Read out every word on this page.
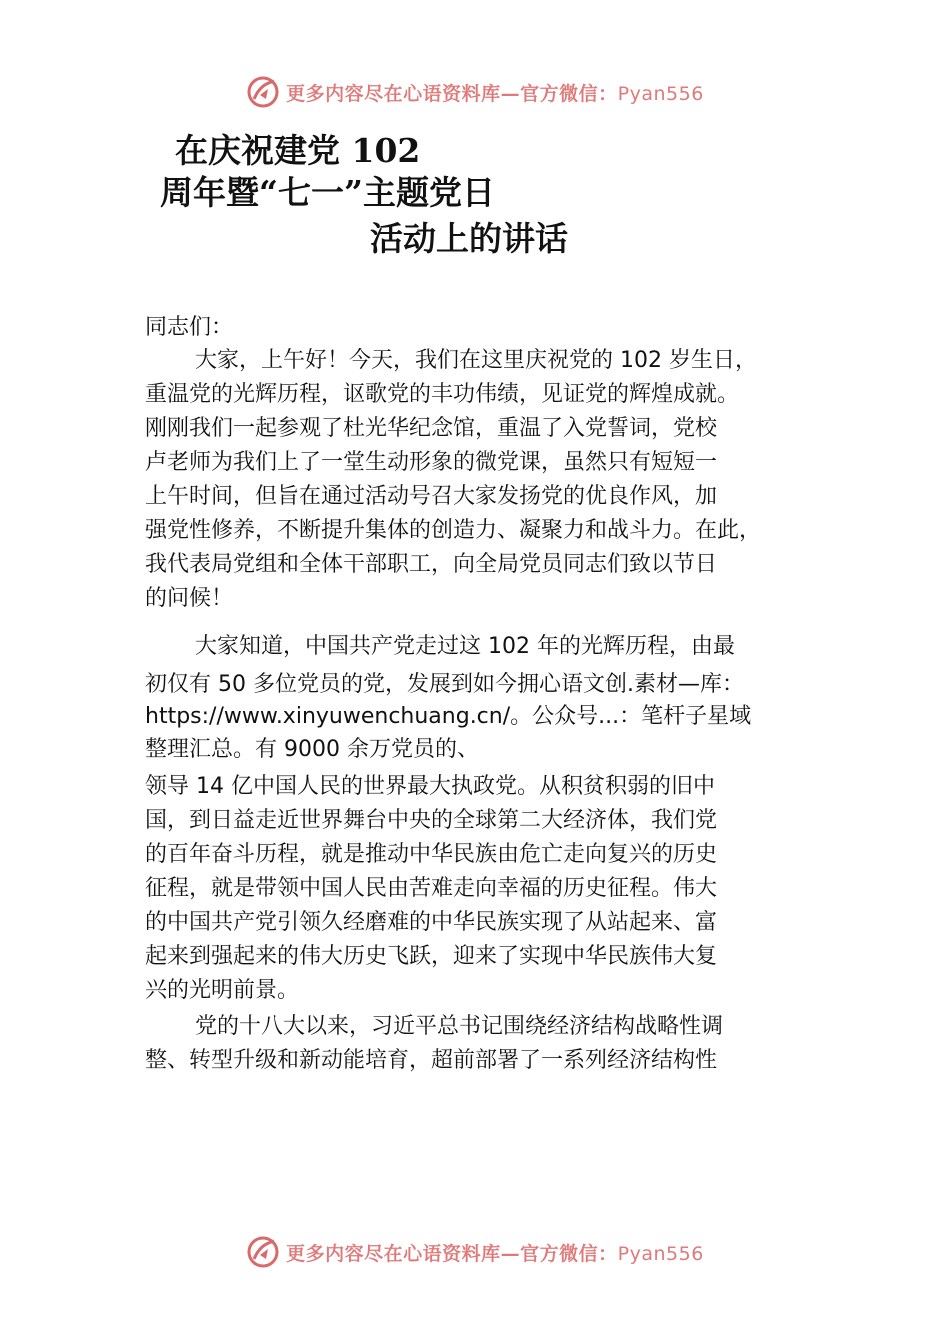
更多内容尽在心语资料库—官方微信：Pyan556
在庆祝建党 102
周年暨“七一”主题党日
活动上的讲话
同志们：
大家，上午好！今天，我们在这里庆祝党的 102 岁生日，
重温党的光辉历程，讴歌党的丰功伟绩，见证党的辉煌成就。
刚刚我们一起参观了杜光华纪念馆，重温了入党誓词，党校
卢老师为我们上了一堂生动形象的微党课，虽然只有短短一
上午时间，但旨在通过活动号召大家发扬党的优良作风，加
强党性修养，不断提升集体的创造力、凝聚力和战斗力。在此，
我代表局党组和全体干部职工，向全局党员同志们致以节日
的问候！
大家知道，中国共产党走过这 102 年的光辉历程，由最
初仅有 50 多位党员的党，发展到如今拥心语文创.素材—库：
https://www.xinyuwenchuang.cn/。公众号...：笔杆子星域
整理汇总。有 9000 余万党员的、
领导 14 亿中国人民的世界最大执政党。从积贫积弱的旧中
国，到日益走近世界舞台中央的全球第二大经济体，我们党
的百年奋斗历程，就是推动中华民族由危亡走向复兴的历史
征程，就是带领中国人民由苦难走向幸福的历史征程。伟大
的中国共产党引领久经磨难的中华民族实现了从站起来、富
起来到强起来的伟大历史飞跃，迎来了实现中华民族伟大复
兴的光明前景。
党的十八大以来，习近平总书记围绕经济结构战略性调
整、转型升级和新动能培育，超前部署了一系列经济结构性
更多内容尽在心语资料库—官方微信：Pyan556
